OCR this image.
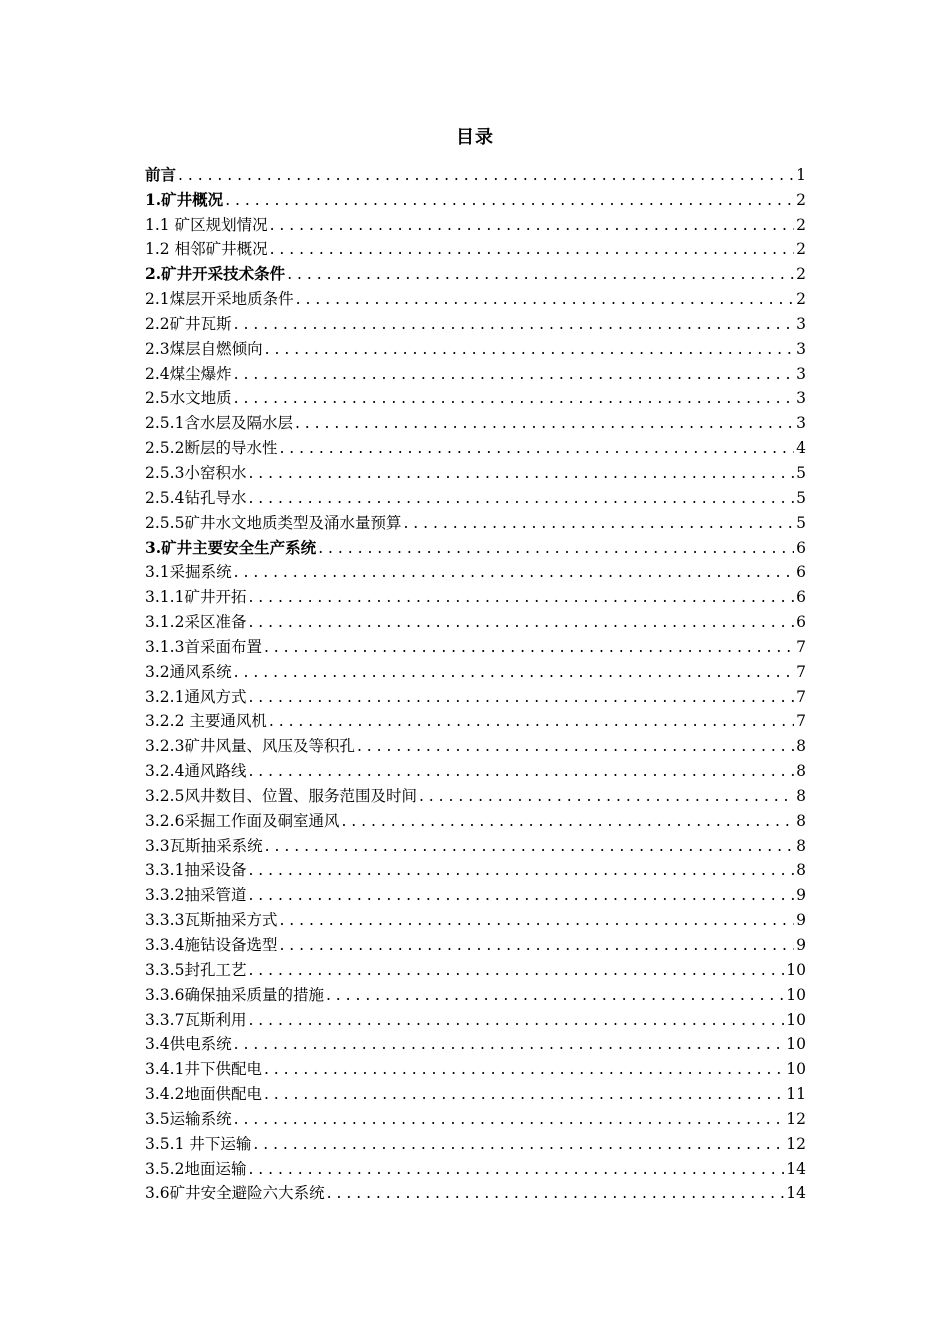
目录
前言 . . .	1
1.矿井概况 . . .	2
1.1 矿区规划情况 . . .	2
1.2 相邻矿井概况 . . .	2
2.矿井开采技术条件 . . .	2
2.1煤层开采地质条件 . . .	2
2.2矿井瓦斯 . . .	3
2.3煤层自燃倾向 . . .	3
2.4煤尘爆炸 . . .	3
2.5水文地质 . . .	3
2.5.1含水层及隔水层 . . .	3
2.5.2断层的导水性 . . .	4
2.5.3小窑积水 . . .	5
2.5.4钻孔导水 . . .	5
2.5.5矿井水文地质类型及涌水量预算 . . .	5
3.矿井主要安全生产系统 . . .	6
3.1采掘系统 . . .	6
3.1.1矿井开拓 . . .	6
3.1.2采区准备 . . .	6
3.1.3首采面布置 . . .	7
3.2通风系统 . . .	7
3.2.1通风方式 . . .	7
3.2.2 主要通风机 . . .	7
3.2.3矿井风量、风压及等积孔 . . .	8
3.2.4通风路线 . . .	8
3.2.5风井数目、位置、服务范围及时间 . . .	8
3.2.6采掘工作面及硐室通风 . . .	8
3.3瓦斯抽采系统 . . .	8
3.3.1抽采设备 . . .	8
3.3.2抽采管道 . . .	9
3.3.3瓦斯抽采方式 . . .	9
3.3.4施钻设备选型 . . .	9
3.3.5封孔工艺 . . .	10
3.3.6确保抽采质量的措施 . . .	10
3.3.7瓦斯利用 . . .	10
3.4供电系统 . . .	10
3.4.1井下供配电 . . .	10
3.4.2地面供配电 . . .	11
3.5运输系统 . . .	12
3.5.1 井下运输 . . .	12
3.5.2地面运输 . . .	14
3.6矿井安全避险六大系统 . . .	14
